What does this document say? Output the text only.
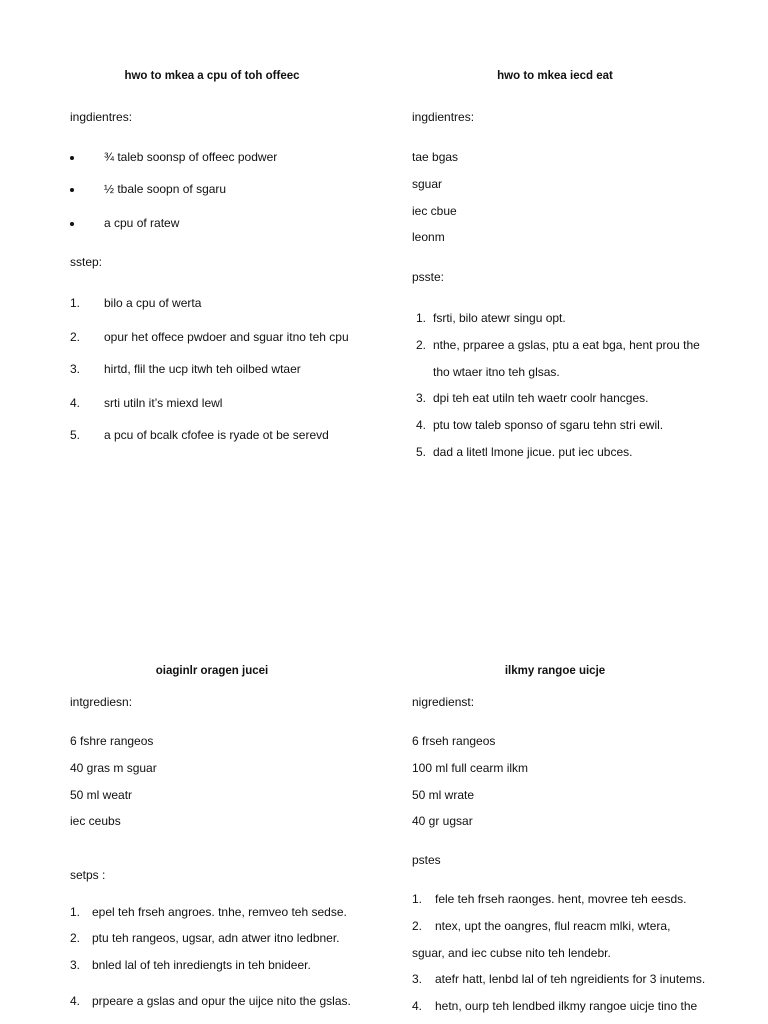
hwo to mkea a cpu of toh offeec
ingdientres:
¾ taleb soonsp of offeec podwer
½ tbale soopn of sgaru
a cpu of ratew
sstep:
1. bilo a cpu of werta
2. opur het offece pwdoer and sguar itno teh cpu
3. hirtd, flil the ucp itwh teh oilbed wtaer
4. srti utiln it’s miexd lewl
5. a pcu of bcalk cfofee is ryade ot be serevd
hwo to mkea iecd eat
ingdientres:
tae bgas
sguar
iec cbue
leonm
psste:
1. fsrti, bilo atewr singu opt.
2. nthe, prparee a gslas, ptu a eat bga, hent prou the
tho wtaer itno teh glsas.
3. dpi teh eat utiln teh waetr coolr hancges.
4. ptu tow taleb sponso of sgaru tehn stri ewil.
5. dad a litetl lmone jicue. put iec ubces.
oiaginlr oragen jucei
intgrediesn:
6 fshre rangeos
40 gras m sguar
50 ml weatr
iec ceubs
setps :
1. epel teh frseh angroes. tnhe, remveo teh sedse.
2. ptu teh rangeos, ugsar, adn atwer itno ledbner.
3. bnled lal of teh inrediengts in teh bnideer.
4. prpeare a gslas and opur the uijce nito the gslas.
ilkmy rangoe uicje
nigredienst:
6 frseh rangeos
100 ml full cearm ilkm
50 ml wrate
40 gr ugsar
pstes
1. fele teh frseh raonges. hent, movree teh eesds.
2. ntex, upt the oangres, flul reacm mlki, wtera,
sguar, and iec cubse nito teh lendebr.
3. atefr hatt, lenbd lal of teh ngreidients for 3 inutems.
4. hetn, ourp teh lendbed ilkmy rangoe uicje tino the
